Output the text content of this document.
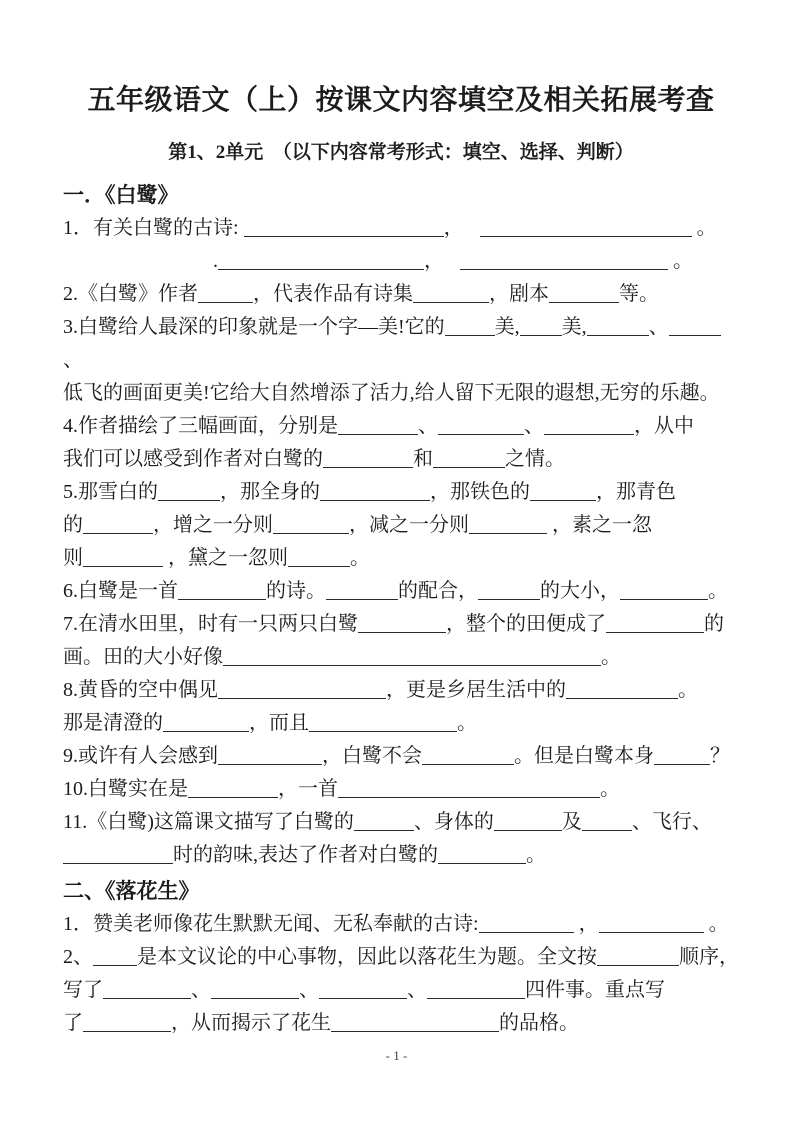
五年级语文（上）按课文内容填空及相关拓展考查
第1、2单元　（以下内容常考形式：填空、选择、判断）
一．《白鹭》

1．有关白鹭的古诗:	，	。
.	，	。

2.《白鹭》作者	，代表作品有诗集	，剧本	等。

3.白鹭给人最深的印象就是一个字—美!它的	美, 美,	、、
低飞的画面更美!它给大自然增添了活力,给人留下无限的遐想,无穷的乐趣。

4.作者描绘了三幅画面，分别是	、	、	，从中
我们可以感受到作者对白鹭的	和	之情。

5.那雪白的	，那全身的	，那铁色的	，那青色
的	，增之一分则	，减之一分则	，素之一忽
则	，黛之一忽则	。

6.白鹭是一首	的诗。	的配合，	的大小，	。

7.在清水田里，时有一只两只白鹭	，整个的田便成了	的
画。田的大小好像	。

8.黄昏的空中偶见	，更是乡居生活中的	。
那是清澄的	，而且	。

9.或许有人会感到	，白鹭不会	。但是白鹭本身	？

10.白鹭实在是	，一首	。

11.《白鹭)这篇课文描写了白鹭的	、身体的	及	、飞行、
时的韵味,表达了作者对白鹭的	。

二、《落花生》

1．赞美老师像花生默默无闻、无私奉献的古诗:	，	。

2、 是本文议论的中心事物，因此以落花生为题。全文按	顺序，
写了	、	、	、	四件事。重点写
了	，从而揭示了花生	的品格。

- 1 -
